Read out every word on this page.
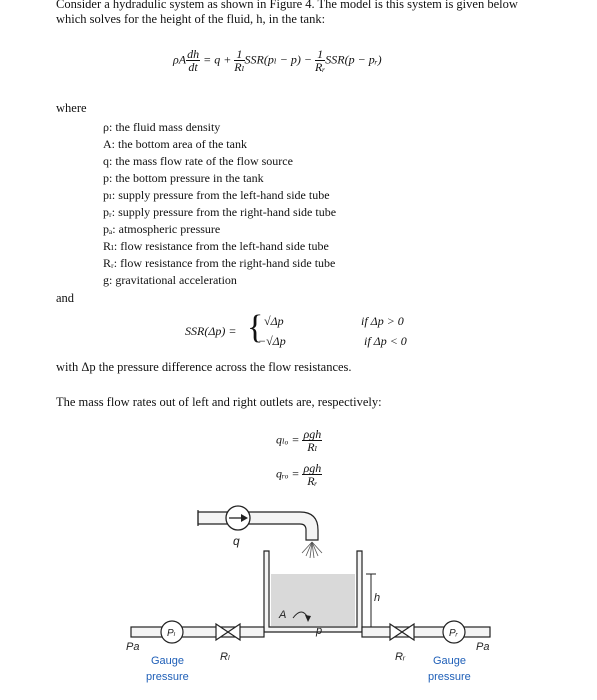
Consider a hydradulic system as shown in Figure 4. The model is this system is given below
which solves for the height of the fluid, h, in the tank:
ρA $\frac{dh}{dt} = q + \frac{1}{\text{Rₗ}} SSR(p_l - p) - \frac{1}{\text{Rᵣ}} SSR(p$ − pᵣ)
where
ρ: the fluid mass density
A: the bottom area of the tank
q: the mass flow rate of the flow source
p: the bottom pressure in the tank
pₗ: supply pressure from the left-hand side tube
pᵣ: supply pressure from the right-hand side tube
pₐ: atmospheric pressure
Rₗ: flow resistance from the left-hand side tube
Rᵣ: flow resistance from the right-hand side tube
g: gravitational acceleration
and
SSR(Δp) = { √Δp	if Δp > 0
−√Δp	if Δp < 0
with Δp the pressure difference across the flow resistances.
The mass flow rates out of left and right outlets are, respectively:
$q_{lo} = \frac{\text{ρgh}}{\text{Rₗ}}$
qᵣₒ = $\frac{\text{ρgh}}{\text{Rᵣ}}$
q
h
A
p
Pₗ	Pᵣ
Pa	Pa
Rₗ	Rᵣ
Gauge
pressure
Gauge
pressure
